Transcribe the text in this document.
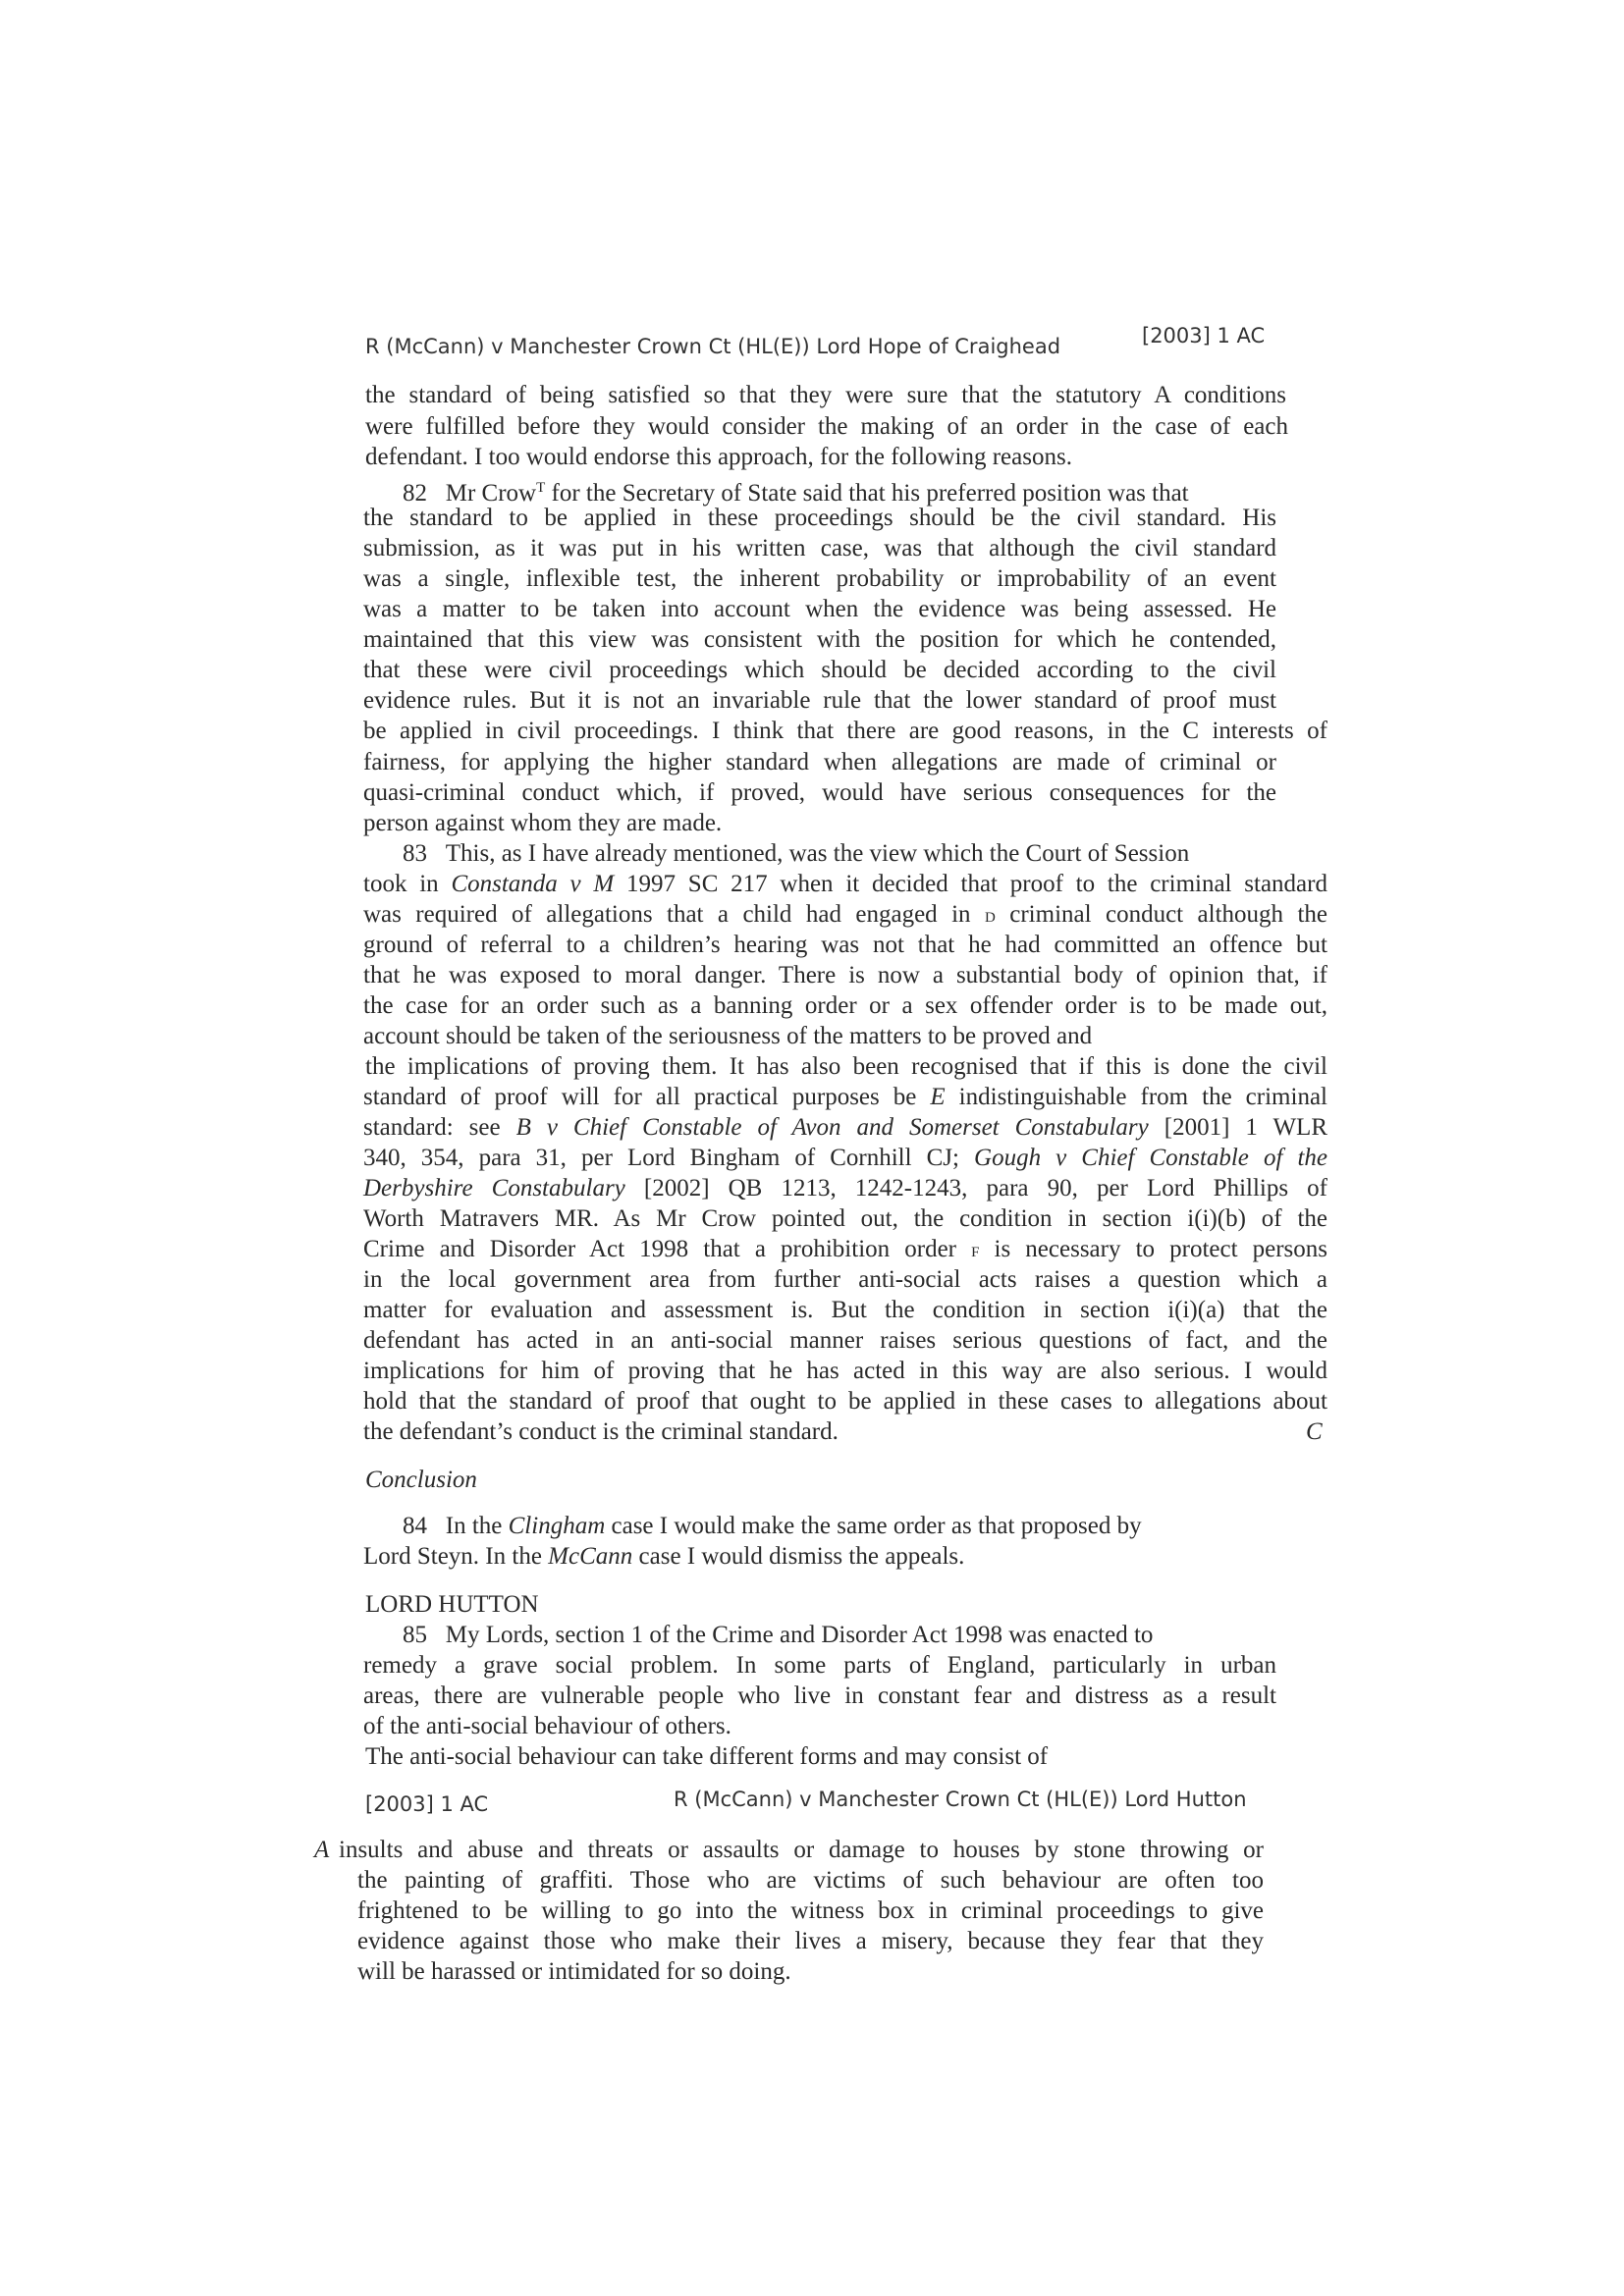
R (McCann) v Manchester Crown Ct (HL(E)) Lord Hope of Craighead	[2003] 1 AC
the standard of being satisfied so that they were sure that the statutory A conditions
were fulfilled before they would consider the making of an order in the case of each
defendant. I too would endorse this approach, for the following reasons.
82 Mr Crow$^T$ for the Secretary of State said that his preferred position was that
the standard to be applied in these proceedings should be the civil standard. His
submission, as it was put in his written case, was that although the civil standard
was a single, inflexible test, the inherent probability or improbability of an event
was a matter to be taken into account when the evidence was being assessed. He
maintained that this view was consistent with the position for which he contended,
that these were civil proceedings which should be decided according to the civil
evidence rules. But it is not an invariable rule that the lower standard of proof must
be applied in civil proceedings. I think that there are good reasons, in the C interests of
fairness, for applying the higher standard when allegations are made of criminal or
quasi-criminal conduct which, if proved, would have serious consequences for the
person against whom they are made.
83 This, as I have already mentioned, was the view which the Court of Session
took in Constanda v M 1997 SC 217 when it decided that proof to the criminal standard
was required of allegations that a child had engaged in D criminal conduct although the
ground of referral to a children’s hearing was not that he had committed an offence but
that he was exposed to moral danger. There is now a substantial body of opinion that, if
the case for an order such as a banning order or a sex offender order is to be made out,
account should be taken of the seriousness of the matters to be proved and
the implications of proving them. It has also been recognised that if this is done the civil
standard of proof will for all practical purposes be E indistinguishable from the criminal
standard: see B v Chief Constable of Avon and Somerset Constabulary [2001] 1 WLR
340, 354, para 31, per Lord Bingham of Cornhill CJ; Gough v Chief Constable of the
Derbyshire Constabulary [2002] QB 1213, 1242-1243, para 90, per Lord Phillips of
Worth Matravers MR. As Mr Crow pointed out, the condition in section i(i)(b) of the
Crime and Disorder Act 1998 that a prohibition order F is necessary to protect persons
in the local government area from further anti-social acts raises a question which a
matter for evaluation and assessment is. But the condition in section i(i)(a) that the
defendant has acted in an anti-social manner raises serious questions of fact, and the
implications for him of proving that he has acted in this way are also serious. I would
hold that the standard of proof that ought to be applied in these cases to allegations about
the defendant’s conduct is the criminal standard.	C
Conclusion
84 In the Clingham case I would make the same order as that proposed by
Lord Steyn. In the McCann case I would dismiss the appeals.
LORD HUTTON
85 My Lords, section 1 of the Crime and Disorder Act 1998 was enacted to
remedy a grave social problem. In some parts of England, particularly in urban
areas, there are vulnerable people who live in constant fear and distress as a result
of the anti-social behaviour of others.
The anti-social behaviour can take different forms and may consist of
[2003] 1 AC	R (McCann) v Manchester Crown Ct (HL(E)) Lord Hutton
A insults and abuse and threats or assaults or damage to houses by stone throwing or
the painting of graffiti. Those who are victims of such behaviour are often too
frightened to be willing to go into the witness box in criminal proceedings to give
evidence against those who make their lives a misery, because they fear that they
will be harassed or intimidated for so doing.
